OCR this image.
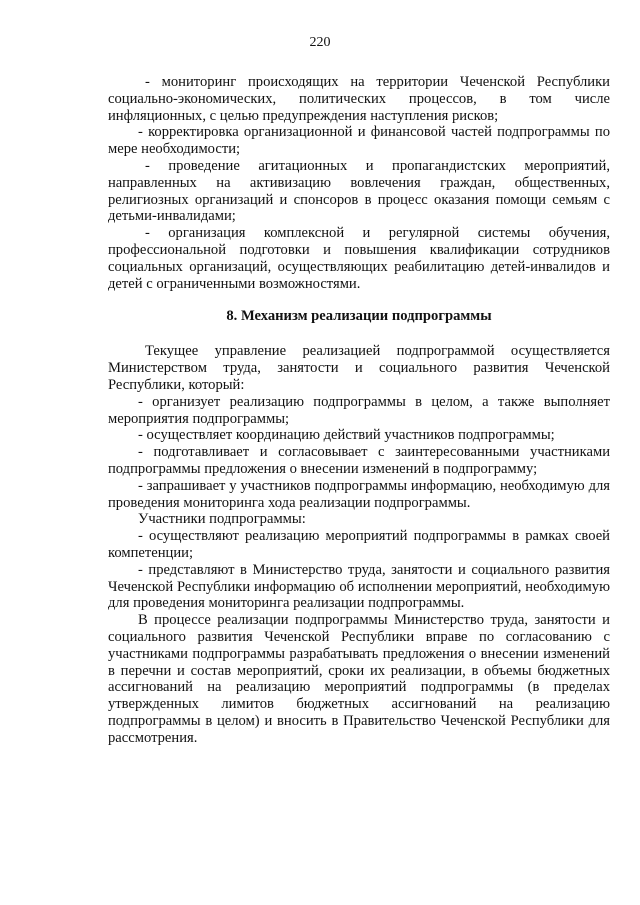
220

- мониторинг происходящих на территории Чеченской Республики социально-экономических, политических процессов, в том числе инфляционных, с целью предупреждения наступления рисков;

- корректировка организационной и финансовой частей подпрограммы по мере необходимости;

- проведение агитационных и пропагандистских мероприятий, направленных на активизацию вовлечения граждан, общественных, религиозных организаций и спонсоров в процесс оказания помощи семьям с детьми-инвалидами;

- организация комплексной и регулярной системы обучения, профессиональной подготовки и повышения квалификации сотрудников социальных организаций, осуществляющих реабилитацию детей-инвалидов и детей с ограниченными возможностями.

8. Механизм реализации подпрограммы

Текущее управление реализацией подпрограммой осуществляется Министерством труда, занятости и социального развития Чеченской Республики, который:

- организует реализацию подпрограммы в целом, а также выполняет мероприятия подпрограммы;

- осуществляет координацию действий участников подпрограммы;

- подготавливает и согласовывает с заинтересованными участниками подпрограммы предложения о внесении изменений в подпрограмму;

- запрашивает у участников подпрограммы информацию, необходимую для проведения мониторинга хода реализации подпрограммы.

Участники подпрограммы:

- осуществляют реализацию мероприятий подпрограммы в рамках своей компетенции;

- представляют в Министерство труда, занятости и социального развития Чеченской Республики информацию об исполнении мероприятий, необходимую для проведения мониторинга реализации подпрограммы.

В процессе реализации подпрограммы Министерство труда, занятости и социального развития Чеченской Республики вправе по согласованию с участниками подпрограммы разрабатывать предложения о внесении изменений в перечни и состав мероприятий, сроки их реализации, в объемы бюджетных ассигнований на реализацию мероприятий подпрограммы (в пределах утвержденных лимитов бюджетных ассигнований на реализацию подпрограммы в целом) и вносить в Правительство Чеченской Республики для рассмотрения.
